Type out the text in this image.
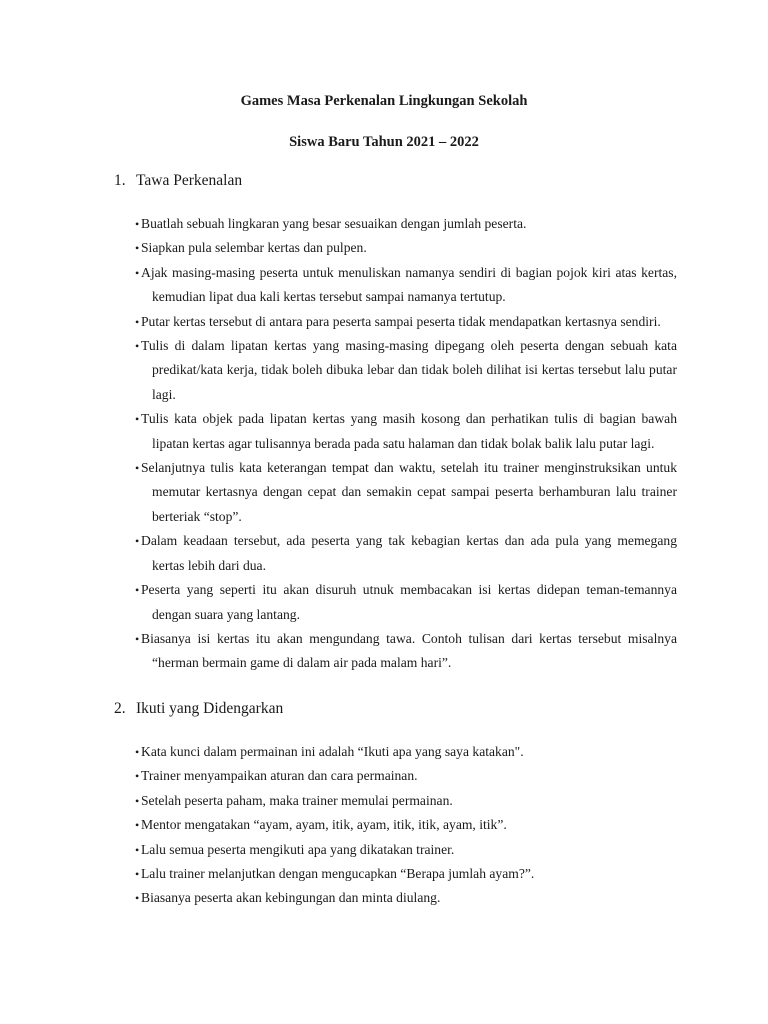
Games Masa Perkenalan Lingkungan Sekolah
Siswa Baru Tahun 2021 – 2022
1. Tawa Perkenalan
• Buatlah sebuah lingkaran yang besar sesuaikan dengan jumlah peserta.
• Siapkan pula selembar kertas dan pulpen.
• Ajak masing-masing peserta untuk menuliskan namanya sendiri di bagian pojok kiri atas kertas, kemudian lipat dua kali kertas tersebut sampai namanya tertutup.
• Putar kertas tersebut di antara para peserta sampai peserta tidak mendapatkan kertasnya sendiri.
• Tulis di dalam lipatan kertas yang masing-masing dipegang oleh peserta dengan sebuah kata predikat/kata kerja, tidak boleh dibuka lebar dan tidak boleh dilihat isi kertas tersebut lalu putar lagi.
• Tulis kata objek pada lipatan kertas yang masih kosong dan perhatikan tulis di bagian bawah lipatan kertas agar tulisannya berada pada satu halaman dan tidak bolak balik lalu putar lagi.
• Selanjutnya tulis kata keterangan tempat dan waktu, setelah itu trainer menginstruksikan untuk memutar kertasnya dengan cepat dan semakin cepat sampai peserta berhamburan lalu trainer berteriak “stop”.
• Dalam keadaan tersebut, ada peserta yang tak kebagian kertas dan ada pula yang memegang kertas lebih dari dua.
• Peserta yang seperti itu akan disuruh utnuk membacakan isi kertas didepan teman-temannya dengan suara yang lantang.
• Biasanya isi kertas itu akan mengundang tawa. Contoh tulisan dari kertas tersebut misalnya “herman bermain game di dalam air pada malam hari”.
2. Ikuti yang Didengarkan
• Kata kunci dalam permainan ini adalah “Ikuti apa yang saya katakan".
• Trainer menyampaikan aturan dan cara permainan.
• Setelah peserta paham, maka trainer memulai permainan.
• Mentor mengatakan “ayam, ayam, itik, ayam, itik, itik, ayam, itik”.
• Lalu semua peserta mengikuti apa yang dikatakan trainer.
• Lalu trainer melanjutkan dengan mengucapkan “Berapa jumlah ayam?”.
• Biasanya peserta akan kebingungan dan minta diulang.
